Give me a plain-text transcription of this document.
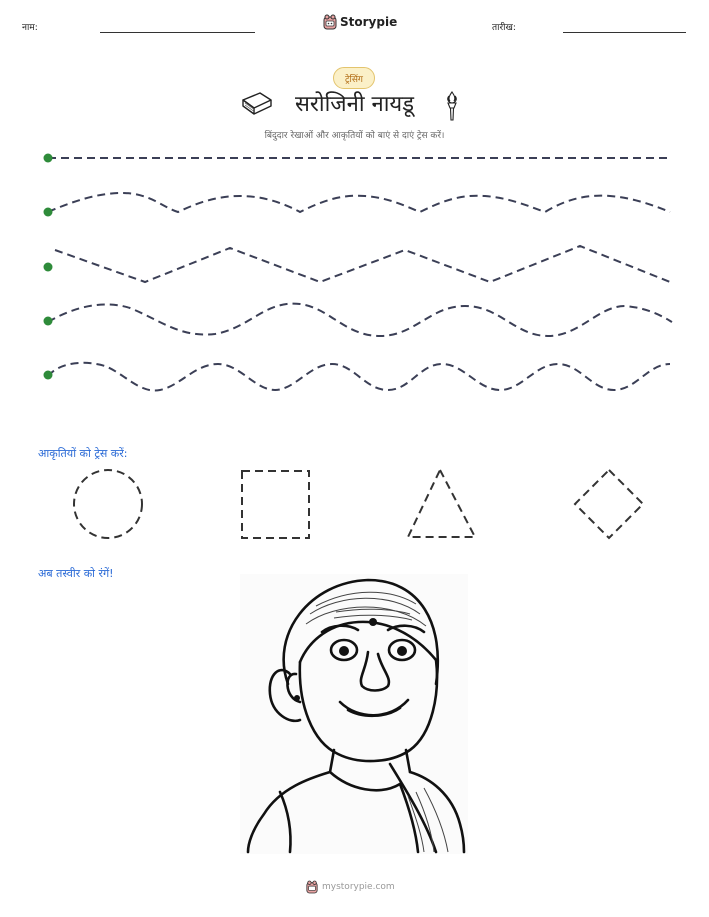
नाम:	Storypie	तारीख:
ट्रेसिंग
सरोजिनी नायडू
बिंदुदार रेखाओं और आकृतियों को बाएं से दाएं ट्रेस करें।
आकृतियों को ट्रेस करें:
अब तस्वीर को रंगें!
mystorypie.com
